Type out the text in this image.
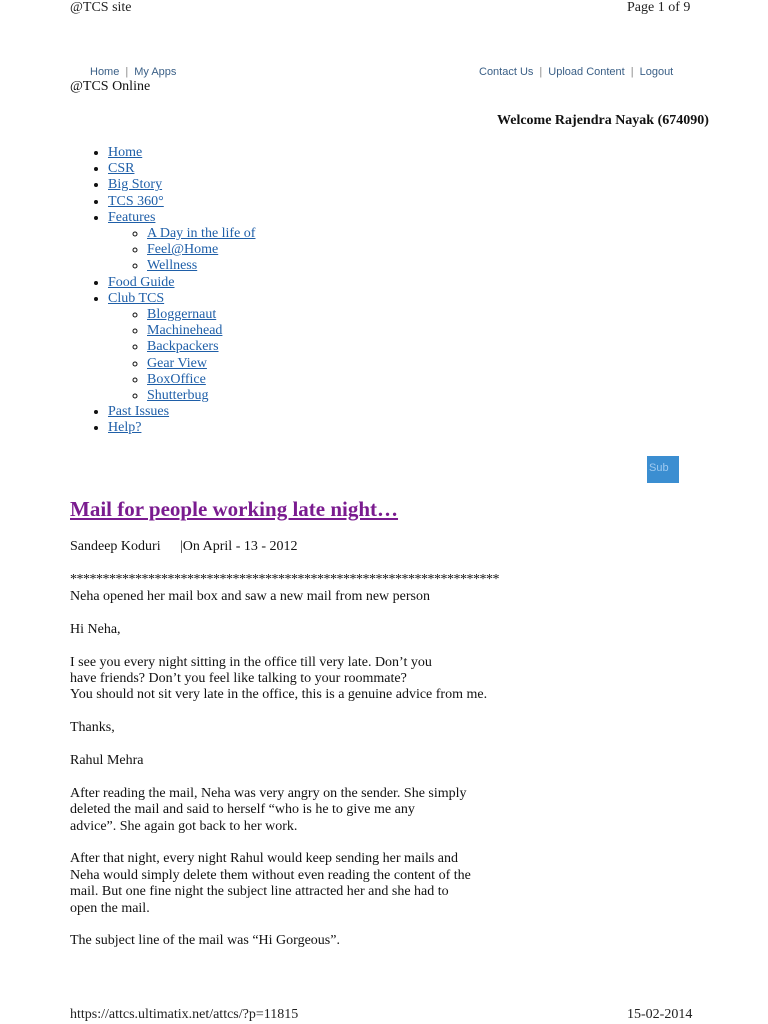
@TCS site	Page 1 of 9
Home | My Apps	Contact Us | Upload Content | Logout
@TCS Online
Welcome Rajendra Nayak (674090)
• Home
• CSR
• Big Story
• TCS 360°
• Features
◦ A Day in the life of
◦ Feel@Home
◦ Wellness
• Food Guide
• Club TCS
◦ Bloggernaut
◦ Machinehead
◦ Backpackers
◦ Gear View
◦ BoxOffice
◦ Shutterbug
• Past Issues
• Help?
Sub
Mail for people working late night…
Sandeep Koduri |On April - 13 - 2012
******************************************************************

Neha opened her mail box and saw a new mail from new person

Hi Neha,

I see you every night sitting in the office till very late. Don’t you
have friends? Don’t you feel like talking to your roommate?
You should not sit very late in the office, this is a genuine advice from me.

Thanks,

Rahul Mehra

After reading the mail, Neha was very angry on the sender. She simply
deleted the mail and said to herself “who is he to give me any
advice”. She again got back to her work.

After that night, every night Rahul would keep sending her mails and
Neha would simply delete them without even reading the content of the
mail. But one fine night the subject line attracted her and she had to
open the mail.

The subject line of the mail was “Hi Gorgeous”.

https://attcs.ultimatix.net/attcs/?p=11815	15-02-2014
